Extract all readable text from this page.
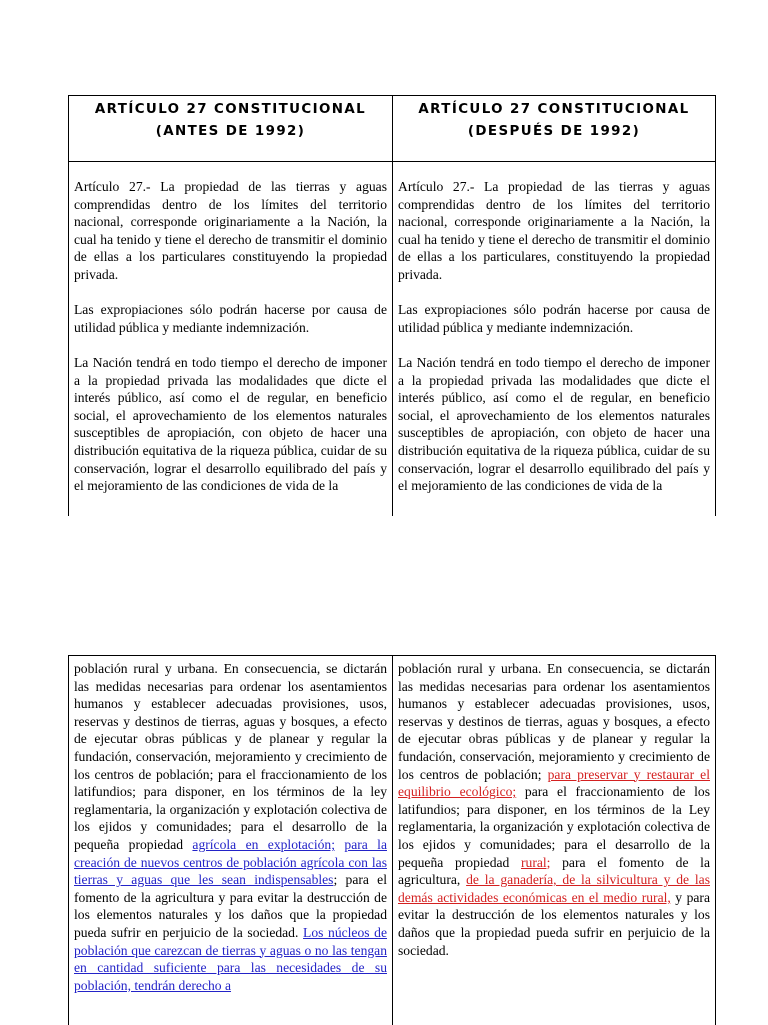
ARTÍCULO 27 CONSTITUCIONAL
(ANTES DE 1992)

Artículo 27.- La propiedad de las tierras y aguas comprendidas dentro de los límites del territorio nacional, corresponde originariamente a la Nación, la cual ha tenido y tiene el derecho de transmitir el dominio de ellas a los particulares constituyendo la propiedad privada.

Las expropiaciones sólo podrán hacerse por causa de utilidad pública y mediante indemnización.

La Nación tendrá en todo tiempo el derecho de imponer a la propiedad privada las modalidades que dicte el interés público, así como el de regular, en beneficio social, el aprovechamiento de los elementos naturales susceptibles de apropiación, con objeto de hacer una distribución equitativa de la riqueza pública, cuidar de su conservación, lograr el desarrollo equilibrado del país y el mejoramiento de las condiciones de vida de la

ARTÍCULO 27 CONSTITUCIONAL
(DESPUÉS DE 1992)

Artículo 27.- La propiedad de las tierras y aguas comprendidas dentro de los límites del territorio nacional, corresponde originariamente a la Nación, la cual ha tenido y tiene el derecho de transmitir el dominio de ellas a los particulares, constituyendo la propiedad privada.

Las expropiaciones sólo podrán hacerse por causa de utilidad pública y mediante indemnización.

La Nación tendrá en todo tiempo el derecho de imponer a la propiedad privada las modalidades que dicte el interés público, así como el de regular, en beneficio social, el aprovechamiento de los elementos naturales susceptibles de apropiación, con objeto de hacer una distribución equitativa de la riqueza pública, cuidar de su conservación, lograr el desarrollo equilibrado del país y el mejoramiento de las condiciones de vida de la

población rural y urbana. En consecuencia, se dictarán las medidas necesarias para ordenar los asentamientos humanos y establecer adecuadas provisiones, usos, reservas y destinos de tierras, aguas y bosques, a efecto de ejecutar obras públicas y de planear y regular la fundación, conservación, mejoramiento y crecimiento de los centros de población; para el fraccionamiento de los latifundios; para disponer, en los términos de la ley reglamentaria, la organización y explotación colectiva de los ejidos y comunidades; para el desarrollo de la pequeña propiedad agrícola en explotación; para la creación de nuevos centros de población agrícola con las tierras y aguas que les sean indispensables; para el fomento de la agricultura y para evitar la destrucción de los elementos naturales y los daños que la propiedad pueda sufrir en perjuicio de la sociedad. Los núcleos de población que carezcan de tierras y aguas o no las tengan en cantidad suficiente para las necesidades de su población, tendrán derecho a

población rural y urbana. En consecuencia, se dictarán las medidas necesarias para ordenar los asentamientos humanos y establecer adecuadas provisiones, usos, reservas y destinos de tierras, aguas y bosques, a efecto de ejecutar obras públicas y de planear y regular la fundación, conservación, mejoramiento y crecimiento de los centros de población; para preservar y restaurar el equilibrio ecológico; para el fraccionamiento de los latifundios; para disponer, en los términos de la Ley reglamentaria, la organización y explotación colectiva de los ejidos y comunidades; para el desarrollo de la pequeña propiedad rural; para el fomento de la agricultura, de la ganadería, de la silvicultura y de las demás actividades económicas en el medio rural, y para evitar la destrucción de los elementos naturales y los daños que la propiedad pueda sufrir en perjuicio de la sociedad.
